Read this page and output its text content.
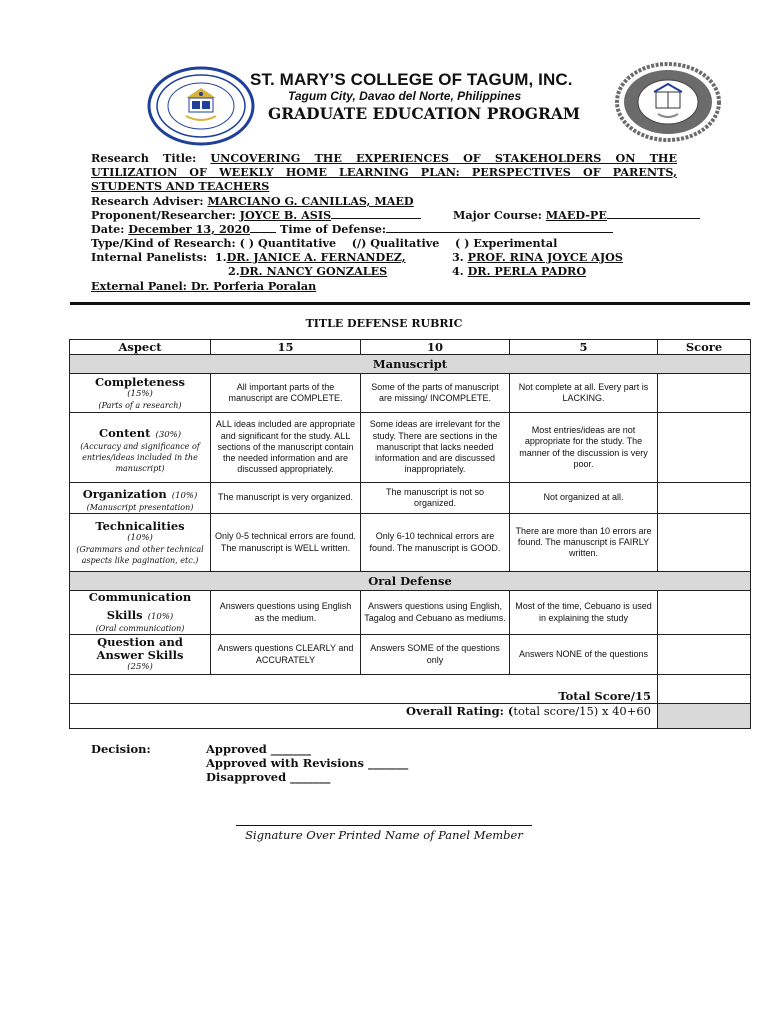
ST. MARY’S COLLEGE OF TAGUM, INC.
Tagum City, Davao del Norte, Philippines
GRADUATE EDUCATION PROGRAM
Research Title: UNCOVERING THE EXPERIENCES OF STAKEHOLDERS ON THE UTILIZATION OF WEEKLY HOME LEARNING PLAN: PERSPECTIVES OF PARENTS, STUDENTS AND TEACHERS
Research Adviser: MARCIANO G. CANILLAS, MAED
Proponent/Researcher: JOYCE B. ASIS	Major Course: MAED-PE
Date: December 13, 2020	Time of Defense:
Type/Kind of Research: ( ) Quantitative (/) Qualitative ( ) Experimental
Internal Panelists: 1.DR. JANICE A. FERNANDEZ,	3. PROF. RINA JOYCE AJOS
2.DR. NANCY GONZALES	4. DR. PERLA PADRO
External Panel: Dr. Porferia Poralan
TITLE DEFENSE RUBRIC
Aspect	15	10	5	Score
Manuscript				

Completeness
(15%)
(Parts of a research)	All important parts of the manuscript are COMPLETE.	Some of the parts of manuscript are missing/ INCOMPLETE.	Not complete at all. Every part is LACKING.	

Content (30%)
(Accuracy and significance of entries/ideas included in the manuscript)	ALL ideas included are appropriate and significant for the study. ALL sections of the manuscript contain the needed information and are discussed appropriately.	Some ideas are irrelevant for the study. There are sections in the manuscript that lacks needed information and are discussed inappropriately.	Most entries/ideas are not appropriate for the study. The manner of the discussion is very poor.	

Organization (10%)
(Manuscript presentation)	The manuscript is very organized.	The manuscript is not so organized.	Not organized at all.	

Technicalities
(10%)
(Grammars and other technical aspects like pagination, etc.)	Only 0-5 technical errors are found. The manuscript is WELL written.	Only 6-10 technical errors are found. The manuscript is GOOD.	There are more than 10 errors are found. The manuscript is FAIRLY written.	
Oral Defense				

Communication
Skills (10%)
(Oral communication)	Answers questions using English as the medium.	Answers questions using English, Tagalog and Cebuano as mediums.	Most of the time, Cebuano is used in explaining the study	

Question and Answer Skills
(25%)	Answers questions CLEARLY and ACCURATELY	Answers SOME of the questions only	Answers NONE of the questions	
Total Score/15				
Overall Rating: (total score/15) x 40+60				
Decision:	Approved _______
Approved with Revisions _______
Disapproved _______
Signature Over Printed Name of Panel Member
